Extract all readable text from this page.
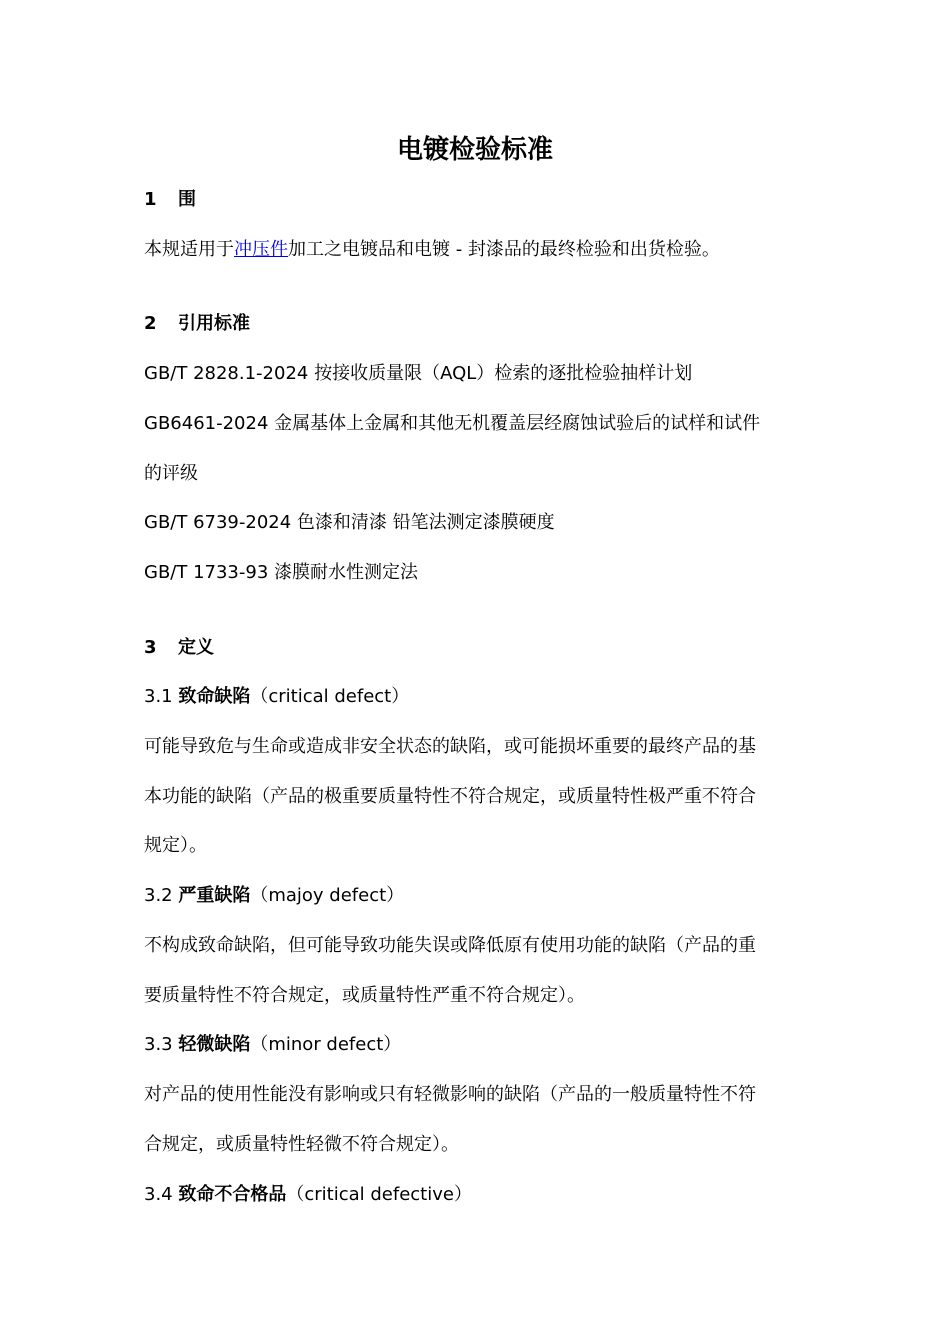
电镀检验标准
1 围
本规适用于冲压件加工之电镀品和电镀 - 封漆品的最终检验和出货检验。
2 引用标准
GB/T 2828.1-2024 按接收质量限（AQL）检索的逐批检验抽样计划
GB6461-2024 金属基体上金属和其他无机覆盖层经腐蚀试验后的试样和试件
的评级
GB/T 6739-2024 色漆和清漆 铅笔法测定漆膜硬度
GB/T 1733-93 漆膜耐水性测定法
3 定义
3.1 致命缺陷（critical defect）
可能导致危与生命或造成非安全状态的缺陷，或可能损坏重要的最终产品的基
本功能的缺陷（产品的极重要质量特性不符合规定，或质量特性极严重不符合
规定）。
3.2 严重缺陷（majoy defect）
不构成致命缺陷，但可能导致功能失误或降低原有使用功能的缺陷（产品的重
要质量特性不符合规定，或质量特性严重不符合规定）。
3.3 轻微缺陷（minor defect）
对产品的使用性能没有影响或只有轻微影响的缺陷（产品的一般质量特性不符
合规定，或质量特性轻微不符合规定）。
3.4 致命不合格品（critical defective）
